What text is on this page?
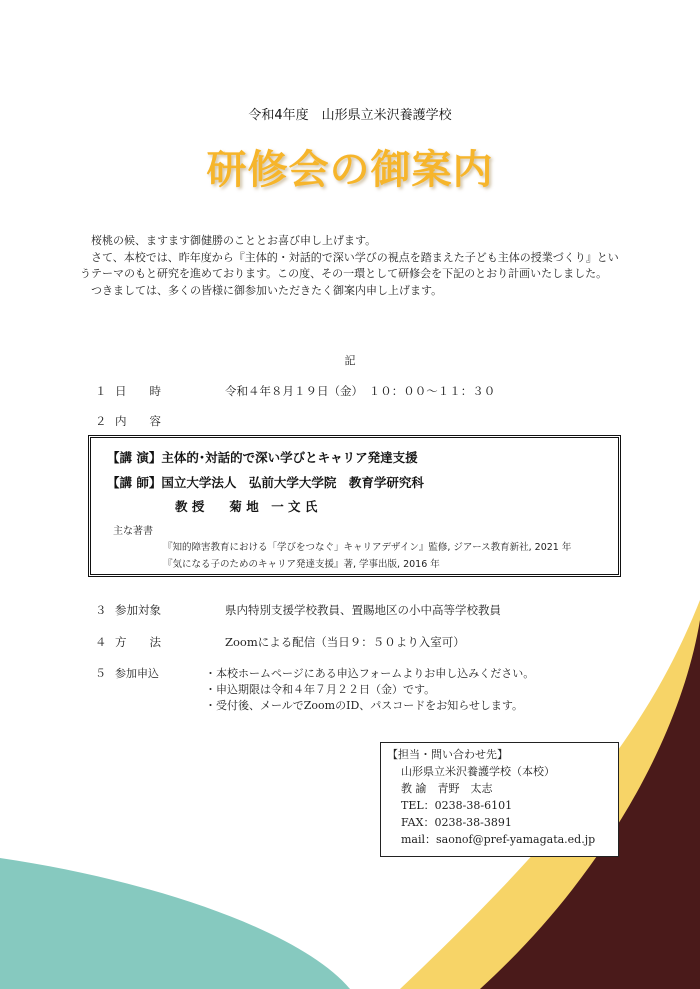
令和4年度　山形県立米沢養護学校
研修会の御案内

桜桃の候、ますます御健勝のこととお喜び申し上げます。

さて、本校では、昨年度から『主体的・対話的で深い学びの視点を踏まえた子ども主体の授業づくり』というテーマのもと研究を進めております。この度、その一環として研修会を下記のとおり計画いたしました。

つきましては、多くの皆様に御参加いただきたく御案内申し上げます。

記
１ 日　　時	令和４年８月１９日（金）　１０：００～１１：３０
２ 内　　容
【講 演】主体的･対話的で深い学びとキャリア発達支援
【講 師】国立大学法人　弘前大学大学院　教育学研究科
教 授　　菊 地　一 文 氏
主な著書
『知的障害教育における「学びをつなぐ」キャリアデザイン』監修, ジアース教育新社, 2021 年
『気になる子のためのキャリア発達支援』著, 学事出版, 2016 年
３ 参加対象	県内特別支援学校教員、置賜地区の小中高等学校教員
４ 方　　法	Zoomによる配信（当日９：５０より入室可）
５ 参加申込	・本校ホームページにある申込フォームよりお申し込みください。
・申込期限は令和４年７月２２日（金）です。
・受付後、メールでZoomのID、パスコードをお知らせします。
【担当・問い合わせ先】
山形県立米沢養護学校（本校）
教 諭　青野　太志
TEL：0238-38-6101
FAX：0238-38-3891
mail：saonof@pref-yamagata.ed.jp
